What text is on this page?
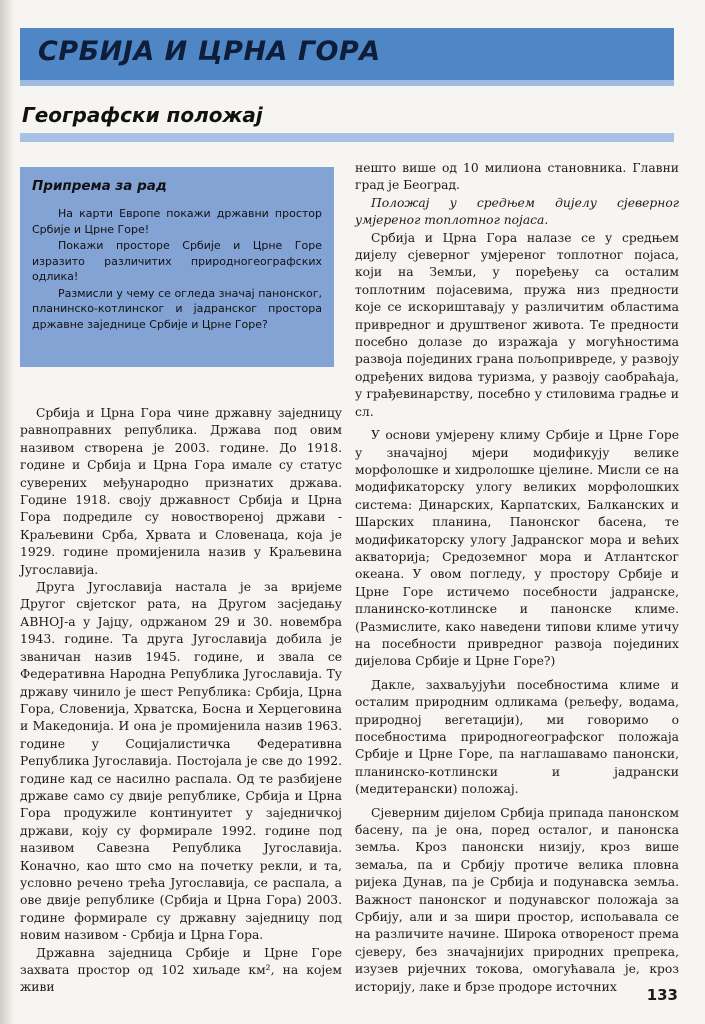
СРБИЈА И ЦРНА ГОРА
Географски положај
Припрема за рад

На карти Европе покажи државни простор Србије и Црне Горе!

Покажи просторе Србије и Црне Горе изразито различитих природногеографских одлика!

Размисли у чему се огледа значај панонског, планинско-котлинског и јадранског простора државне заједнице Србије и Црне Горе?

Србија и Црна Гора чине државну заједницу равноправних република. Држава под овим називом створена је 2003. године. До 1918. године и Србија и Црна Гора имале су статус суверених међународно признатих држава. Године 1918. своју државност Србија и Црна Гора подредиле су новоствореној држави - Краљевини Срба, Хрвата и Словенаца, која је 1929. године промијенила назив у Краљевина Југославија.

Друга Југославија настала је за вријеме Другог свјетског рата, на Другом засједању АВНОЈ-а у Јајцу, одржаном 29 и 30. новембра 1943. године. Та друга Југославија добила је званичан назив 1945. године, и звала се Федеративна Народна Република Југославија. Ту државу чинило је шест Република: Србија, Црна Гора, Словенија, Хрватска, Босна и Херцеговина и Македонија. И она је промијенила назив 1963. године у Социјалистичка Федеративна Република Југославија. Постојала је све до 1992. године кад се насилно распала. Од те разбијене државе само су двије републике, Србија и Црна Гора продужиле континуитет у заједничкој држави, коју су формирале 1992. године под називом Савезна Република Југославија. Коначно, као што смо на почетку рекли, и та, условно речено трећа Југославија, се распала, а ове двије републике (Србија и Црна Гора) 2003. године формирале су државну заједницу под новим називом - Србија и Црна Гора.

Државна заједница Србије и Црне Горе захвата простор од 102 хиљаде км², на којем живи

нешто више од 10 милиона становника. Главни град је Београд.

Положај у средњем дијелу сјеверног умјереног топлотног појаса.

Србија и Црна Гора налазе се у средњем дијелу сјеверног умјереног топлотног појаса, који на Земљи, у поређењу са осталим топлотним појасевима, пружа низ предности које се искориштавају у различитим областима привредног и друштвеног живота. Те предности посебно долазе до изражаја у могућностима развоја појединих грана пољопривреде, у развоју одређених видова туризма, у развоју саобраћаја, у грађевинарству, посебно у стиловима градње и сл.

У основи умјерену климу Србије и Црне Горе у значајној мјери модификују велике морфолошке и хидролошке цјелине. Мисли се на модификаторску улогу великих морфолошких система: Динарских, Карпатских, Балканских и Шарских планина, Панонског басена, те модификаторску улогу Јадранског мора и већих акваторија; Средоземног мора и Атлантског океана. У овом погледу, у простору Србије и Црне Горе истичемо посебности јадранске, планинско-котлинске и панонске климе. (Размислите, како наведени типови климе утичу на посебности привредног развоја појединих дијелова Србије и Црне Горе?)

Дакле, захваљујући посебностима климе и осталим природним одликама (рељефу, водама, природној вегетацији), ми говоримо о посебностима природногеографског положаја Србије и Црне Горе, па наглашавамо панонски, планинско-котлински и јадрански (медитерански) положај.

Сјеверним дијелом Србија припада панонском басену, па је она, поред осталог, и панонска земља. Кроз панонски низију, кроз више земаља, па и Србију протиче велика пловна ријека Дунав, па је Србија и подунавска земља. Важност панонског и подунавског положаја за Србију, али и за шири простор, испољавала се на различите начине. Широка отвореност према сјеверу, без значајнијих природних препрека, изузев ријечних токова, омогућавала је, кроз историју, лаке и брзе продоре источних	133
